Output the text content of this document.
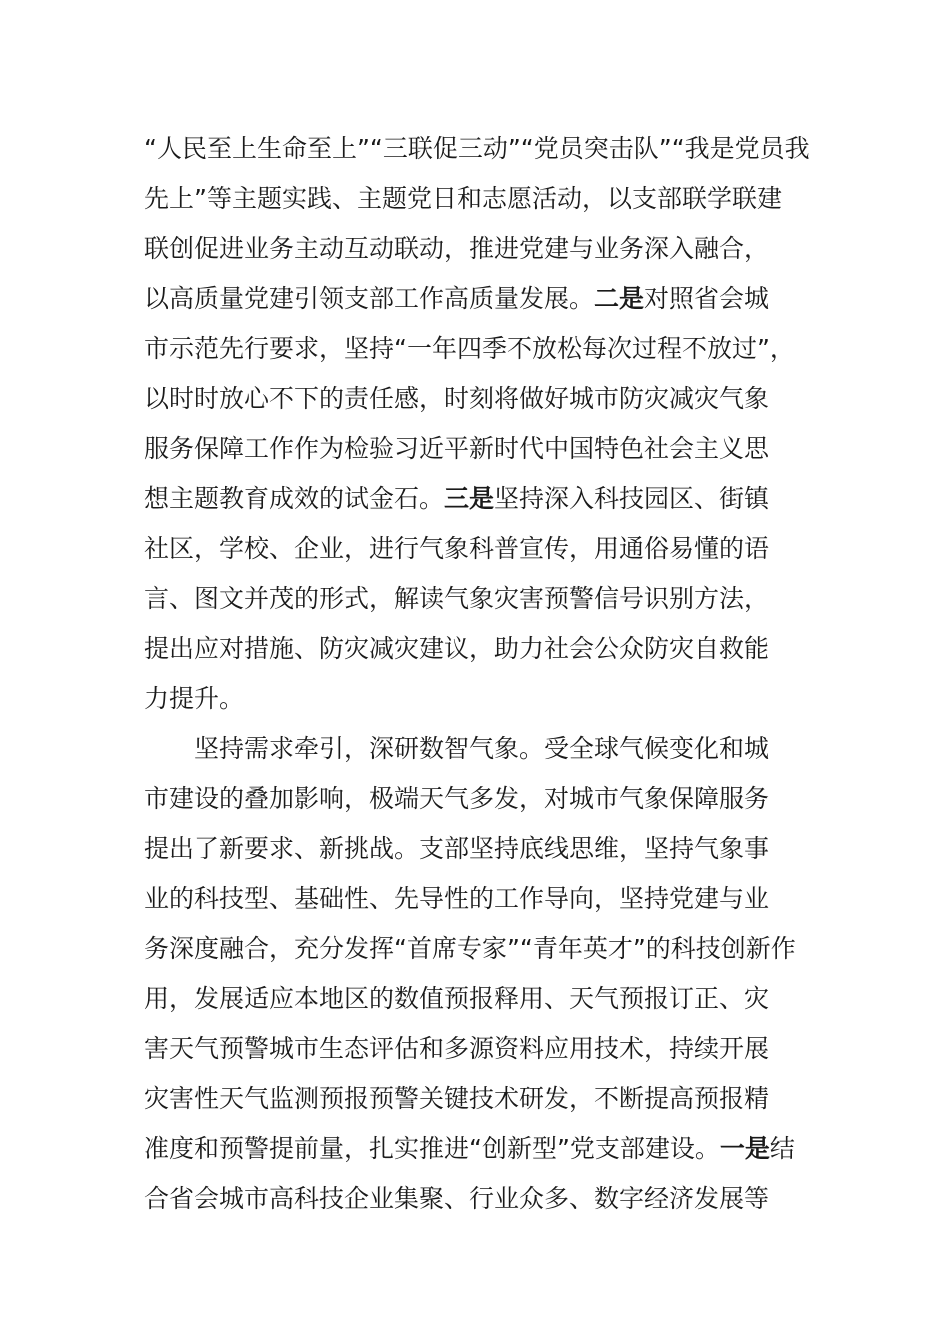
“人民至上生命至上”“三联促三动”“党员突击队”“我是党员我
先上”等主题实践、主题党日和志愿活动，以支部联学联建
联创促进业务主动互动联动，推进党建与业务深入融合，
以高质量党建引领支部工作高质量发展。二是对照省会城
市示范先行要求，坚持“一年四季不放松每次过程不放过”，
以时时放心不下的责任感，时刻将做好城市防灾减灾气象
服务保障工作作为检验习近平新时代中国特色社会主义思
想主题教育成效的试金石。三是坚持深入科技园区、街镇
社区，学校、企业，进行气象科普宣传，用通俗易懂的语
言、图文并茂的形式，解读气象灾害预警信号识别方法，
提出应对措施、防灾减灾建议，助力社会公众防灾自救能
力提升。
坚持需求牵引，深研数智气象。受全球气候变化和城
市建设的叠加影响，极端天气多发，对城市气象保障服务
提出了新要求、新挑战。支部坚持底线思维，坚持气象事
业的科技型、基础性、先导性的工作导向，坚持党建与业
务深度融合，充分发挥“首席专家”“青年英才”的科技创新作
用，发展适应本地区的数值预报释用、天气预报订正、灾
害天气预警城市生态评估和多源资料应用技术，持续开展
灾害性天气监测预报预警关键技术研发，不断提高预报精
准度和预警提前量，扎实推进“创新型”党支部建设。一是结
合省会城市高科技企业集聚、行业众多、数字经济发展等
